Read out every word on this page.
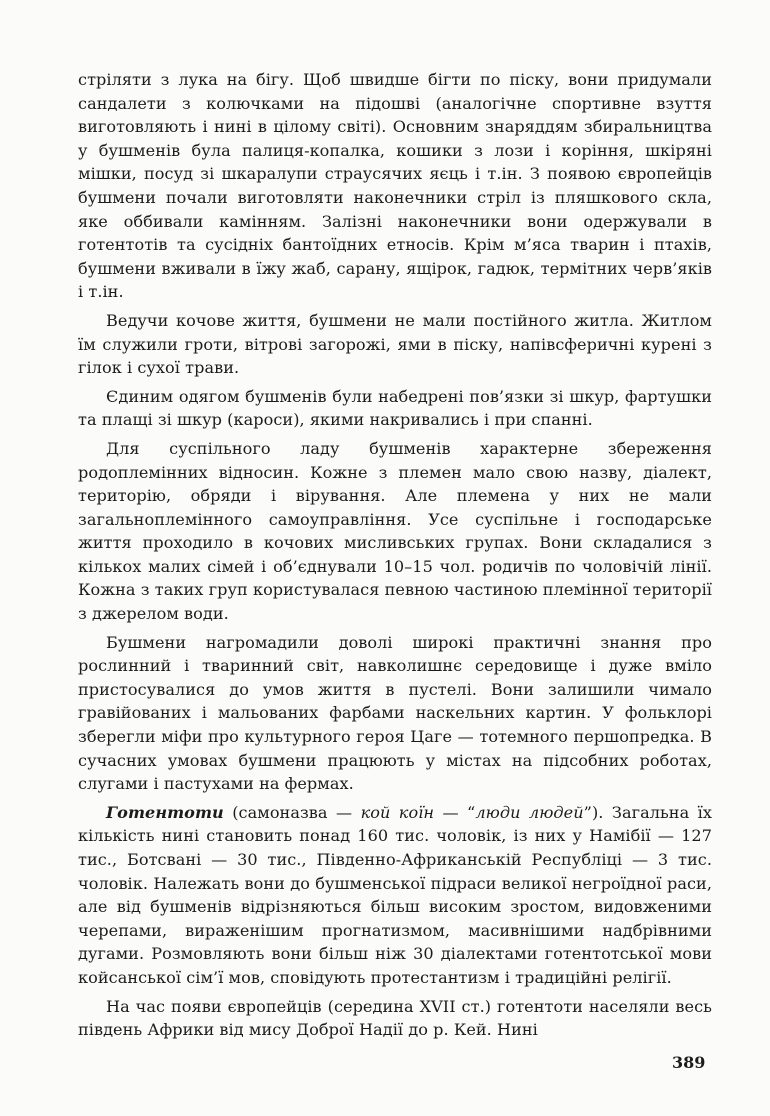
стріляти з лука на бігу. Щоб швидше бігти по піску, вони придумали сандалети з колючками на підошві (аналогічне спортивне взуття виготовляють і нині в цілому світі). Основним знаряддям збиральництва у бушменів була палиця-копалка, кошики з лози і коріння, шкіряні мішки, посуд зі шкаралупи страусячих яєць і т.ін. З появою європейців бушмени почали виготовляти наконечники стріл із пляшкового скла, яке оббивали камінням. Залізні наконечники вони одержували в готентотів та сусідніх бантоїдних етносів. Крім м’яса тварин і птахів, бушмени вживали в їжу жаб, сарану, ящірок, гадюк, термітних черв’яків і т.ін.

Ведучи кочове життя, бушмени не мали постійного житла. Житлом їм служили гроти, вітрові загорожі, ями в піску, напівсферичні курені з гілок і сухої трави.

Єдиним одягом бушменів були набедрені пов’язки зі шкур, фартушки та плащі зі шкур (кароси), якими накривались і при спанні.

Для суспільного ладу бушменів характерне збереження родоплемінних відносин. Кожне з племен мало свою назву, діалект, територію, обряди і вірування. Але племена у них не мали загальноплемінного самоуправління. Усе суспільне і господарське життя проходило в кочових мисливських групах. Вони складалися з кількох малих сімей і об’єднували 10–15 чол. родичів по чоловічій лінії. Кожна з таких груп користувалася певною частиною племінної території з джерелом води.

Бушмени нагромадили доволі широкі практичні знання про рослинний і тваринний світ, навколишнє середовище і дуже вміло пристосувалися до умов життя в пустелі. Вони залишили чимало гравійованих і мальованих фарбами наскельних картин. У фольклорі зберегли міфи про культурного героя Цаге — тотемного першопредка. В сучасних умовах бушмени працюють у містах на підсобних роботах, слугами і пастухами на фермах.

Готентоти (самоназва — кой коїн — “люди людей”). Загальна їх кількість нині становить понад 160 тис. чоловік, із них у Намібії — 127 тис., Ботсвані — 30 тис., Південно-Африканській Республіці — 3 тис. чоловік. Належать вони до бушменської підраси великої негроїдної раси, але від бушменів відрізняються більш високим зростом, видовженими черепами, вираженішим прогнатизмом, масивнішими надбрівними дугами. Розмовляють вони більш ніж 30 діалектами готентотської мови койсанської сім’ї мов, сповідують протестантизм і традиційні релігії.

На час появи європейців (середина XVII ст.) готентоти населяли весь південь Африки від мису Доброї Надії до р. Кей. Нині

389
